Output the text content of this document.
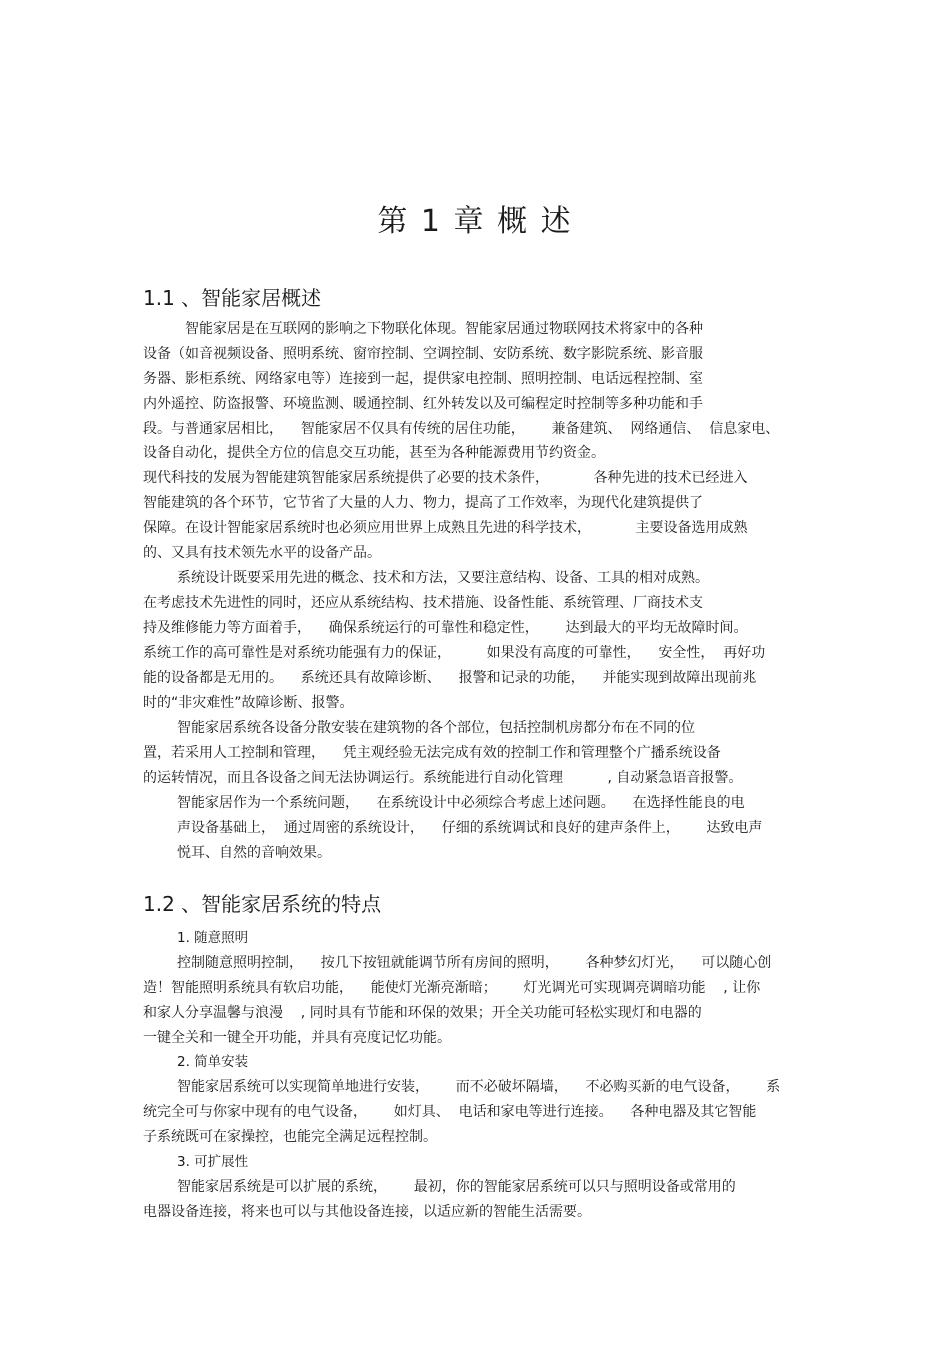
第 1 章 概 述
1.1 、智能家居概述

智能家居是在互联网的影响之下物联化体现。智能家居通过物联网技术将家中的各种

设备（如音视频设备、照明系统、窗帘控制、空调控制、安防系统、数字影院系统、影音服

务器、影柜系统、网络家电等）连接到一起，提供家电控制、照明控制、电话远程控制、室

内外遥控、防盗报警、环境监测、暖通控制、红外转发以及可编程定时控制等多种功能和手

段。与普通家居相比，    智能家居不仅具有传统的居住功能，      兼备建筑、  网络通信、  信息家电、

设备自动化，提供全方位的信息交互功能，甚至为各种能源费用节约资金。

现代科技的发展为智能建筑智能家居系统提供了必要的技术条件，          各种先进的技术已经进入

智能建筑的各个环节，它节省了大量的人力、物力，提高了工作效率，为现代化建筑提供了

保障。在设计智能家居系统时也必须应用世界上成熟且先进的科学技术，          主要设备选用成熟

的、又具有技术领先水平的设备产品。

系统设计既要采用先进的概念、技术和方法，又要注意结构、设备、工具的相对成熟。

在考虑技术先进性的同时，还应从系统结构、技术措施、设备性能、系统管理、厂商技术支

持及维修能力等方面着手，    确保系统运行的可靠性和稳定性，      达到最大的平均无故障时间。

系统工作的高可靠性是对系统功能强有力的保证，        如果没有高度的可靠性，    安全性，  再好功

能的设备都是无用的。    系统还具有故障诊断、    报警和记录的功能，    并能实现到故障出现前兆

时的“非灾难性”故障诊断、报警。

智能家居系统各设备分散安装在建筑物的各个部位，包括控制机房都分布在不同的位

置，若采用人工控制和管理，    凭主观经验无法完成有效的控制工作和管理整个广播系统设备

的运转情况，而且各设备之间无法协调运行。系统能进行自动化管理          , 自动紧急语音报警。

智能家居作为一个系统问题，    在系统设计中必须综合考虑上述问题。    在选择性能良的电

声设备基础上，  通过周密的系统设计，    仔细的系统调试和良好的建声条件上，      达致电声

悦耳、自然的音响效果。

1.2 、智能家居系统的特点

1. 随意照明

控制随意照明控制，    按几下按钮就能调节所有房间的照明，      各种梦幻灯光，    可以随心创

造！智能照明系统具有软启功能，    能使灯光渐亮渐暗；      灯光调光可实现调亮调暗功能    , 让你

和家人分享温馨与浪漫    , 同时具有节能和环保的效果；开全关功能可轻松实现灯和电器的

一键全关和一键全开功能，并具有亮度记忆功能。

2. 简单安装

智能家居系统可以实现简单地进行安装，      而不必破坏隔墙，    不必购买新的电气设备，      系

统完全可与你家中现有的电气设备，      如灯具、  电话和家电等进行连接。    各种电器及其它智能

子系统既可在家操控，也能完全满足远程控制。

3. 可扩展性

智能家居系统是可以扩展的系统，      最初，你的智能家居系统可以只与照明设备或常用的

电器设备连接，将来也可以与其他设备连接，以适应新的智能生活需要。
